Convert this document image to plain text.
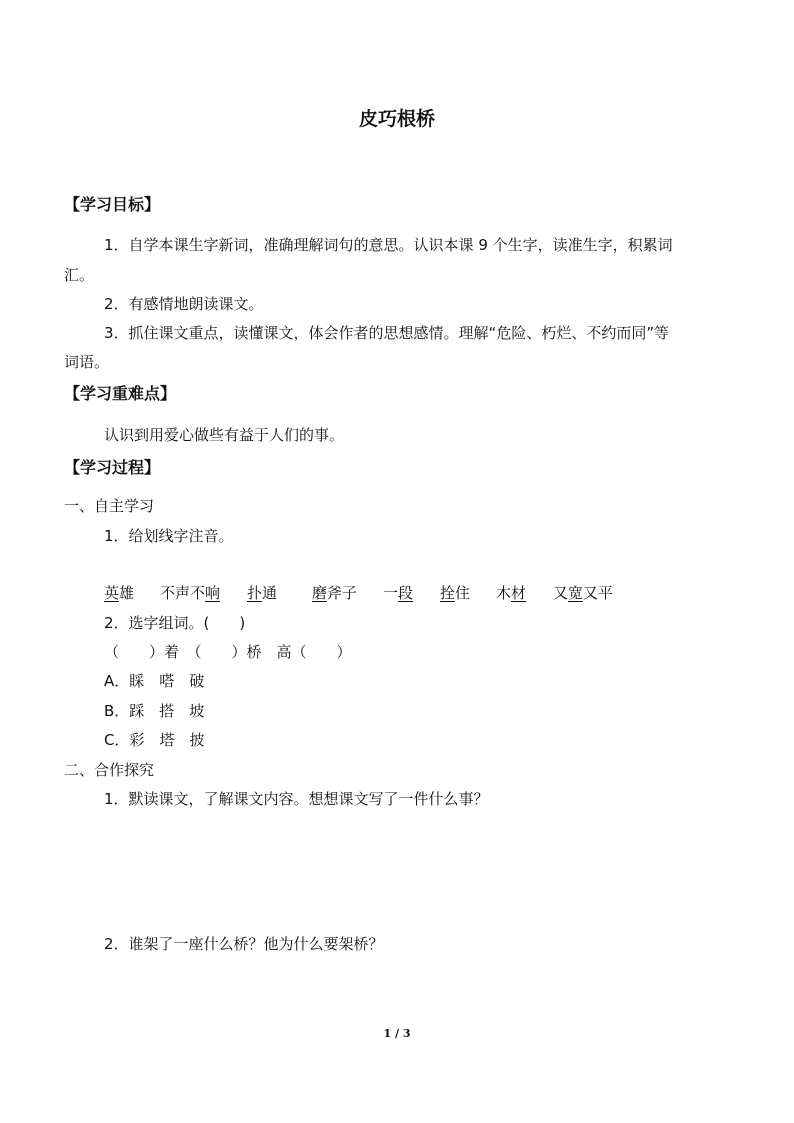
皮巧根桥
【学习目标】
1．自学本课生字新词，准确理解词句的意思。认识本课 9 个生字，读准生字，积累词
汇。
2．有感情地朗读课文。
3．抓住课文重点，读懂课文，体会作者的思想感情。理解“危险、朽烂、不约而同”等
词语。
【学习重难点】
认识到用爱心做些有益于人们的事。
【学习过程】
一、自主学习
1．给划线字注音。
英雄 不声不响 扑通 磨斧子 一段 拴住 木材 又宽又平
2．选字组词。(　　)
（　　）着　（　　）桥　高（　　）
A．睬　嗒　破
B．踩　搭　坡
C．彩　塔　披
二、合作探究
1．默读课文，了解课文内容。想想课文写了一件什么事？
2．谁架了一座什么桥？他为什么要架桥？
1 / 3
